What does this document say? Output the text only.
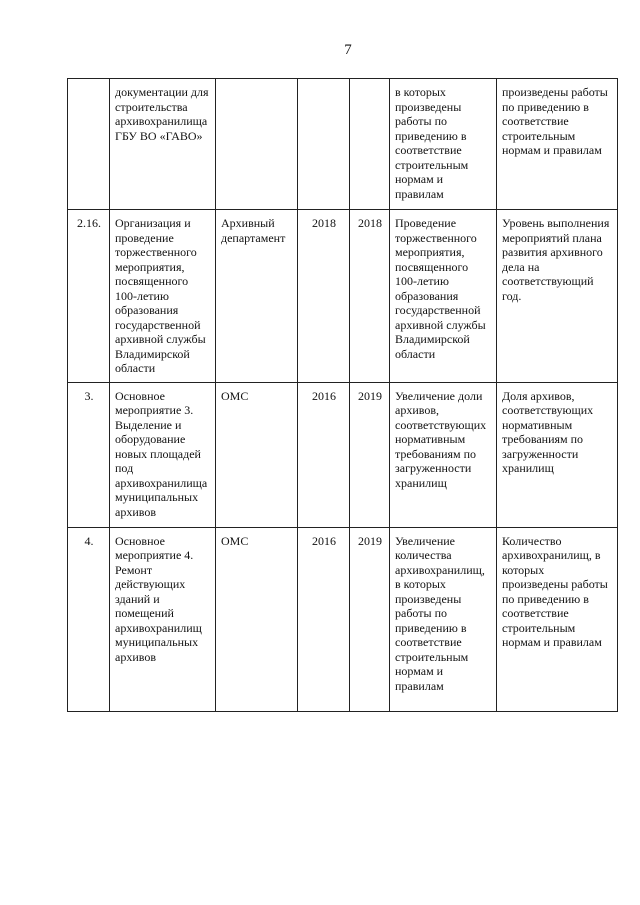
7
	документации для строительства архивохранилища ГБУ ВО «ГАВО»				в которых произведены работы по приведению в соответствие строительным нормам и правилам	произведены работы по приведению в соответствие строительным нормам и правилам
2.16.	Организация и проведение торжественного мероприятия, посвященного 100-летию образования государственной архивной службы Владимирской области	Архивный департамент	2018	2018	Проведение торжественного мероприятия, посвященного 100-летию образования государственной архивной службы Владимирской области	Уровень выполнения мероприятий плана развития архивного дела на соответствующий год.
3.	Основное мероприятие 3. Выделение и оборудование новых площадей под архивохранилища муниципальных архивов	ОМС	2016	2019	Увеличение доли архивов, соответствующих нормативным требованиям по загруженности хранилищ	Доля архивов, соответствующих нормативным требованиям по загруженности хранилищ
4.	Основное мероприятие 4. Ремонт действующих зданий и помещений архивохранилищ муниципальных архивов	ОМС	2016	2019	Увеличение количества архивохранилищ, в которых произведены работы по приведению в соответствие строительным нормам и правилам	Количество архивохранилищ, в которых произведены работы по приведению в соответствие строительным нормам и правилам
